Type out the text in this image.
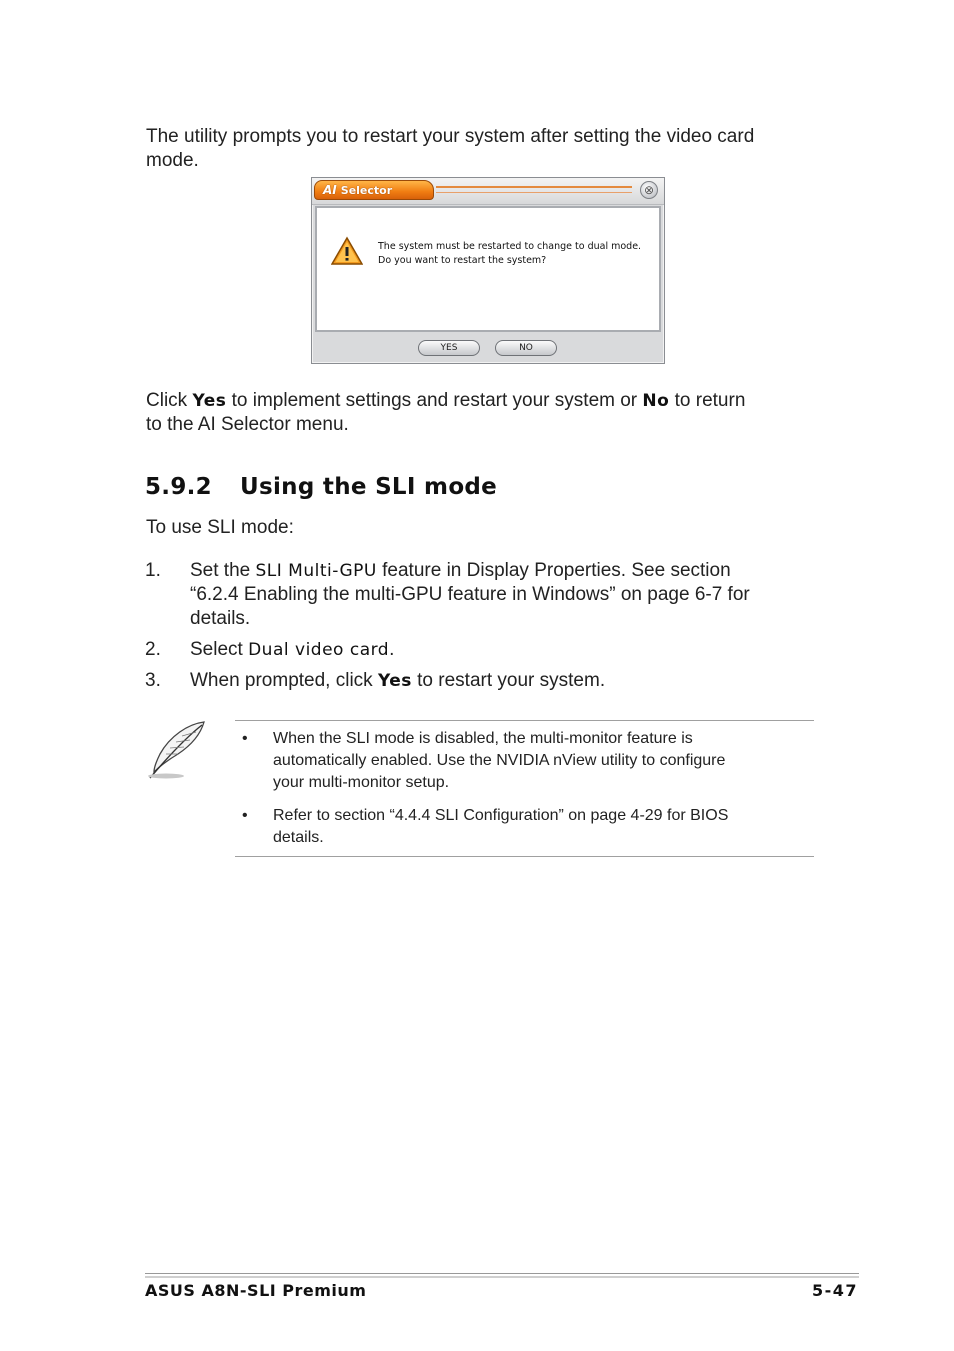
The utility prompts you to restart your system after setting the video card
mode.
AI Selector	⊗
The system must be restarted to change to dual mode.
Do you want to restart the system?
YES	NO
Click Yes to implement settings and restart your system or No to return
to the AI Selector menu.
5.9.2 Using the SLI mode
To use SLI mode:
1. Set the SLI Multi-GPU feature in Display Properties. See section
“6.2.4 Enabling the multi-GPU feature in Windows” on page 6-7 for
details.
2. Select Dual video card.
3. When prompted, click Yes to restart your system.
• When the SLI mode is disabled, the multi-monitor feature is
automatically enabled. Use the NVIDIA nView utility to configure
your multi-monitor setup.
• Refer to section “4.4.4 SLI Configuration” on page 4-29 for BIOS
details.
ASUS A8N-SLI Premium	5-47
